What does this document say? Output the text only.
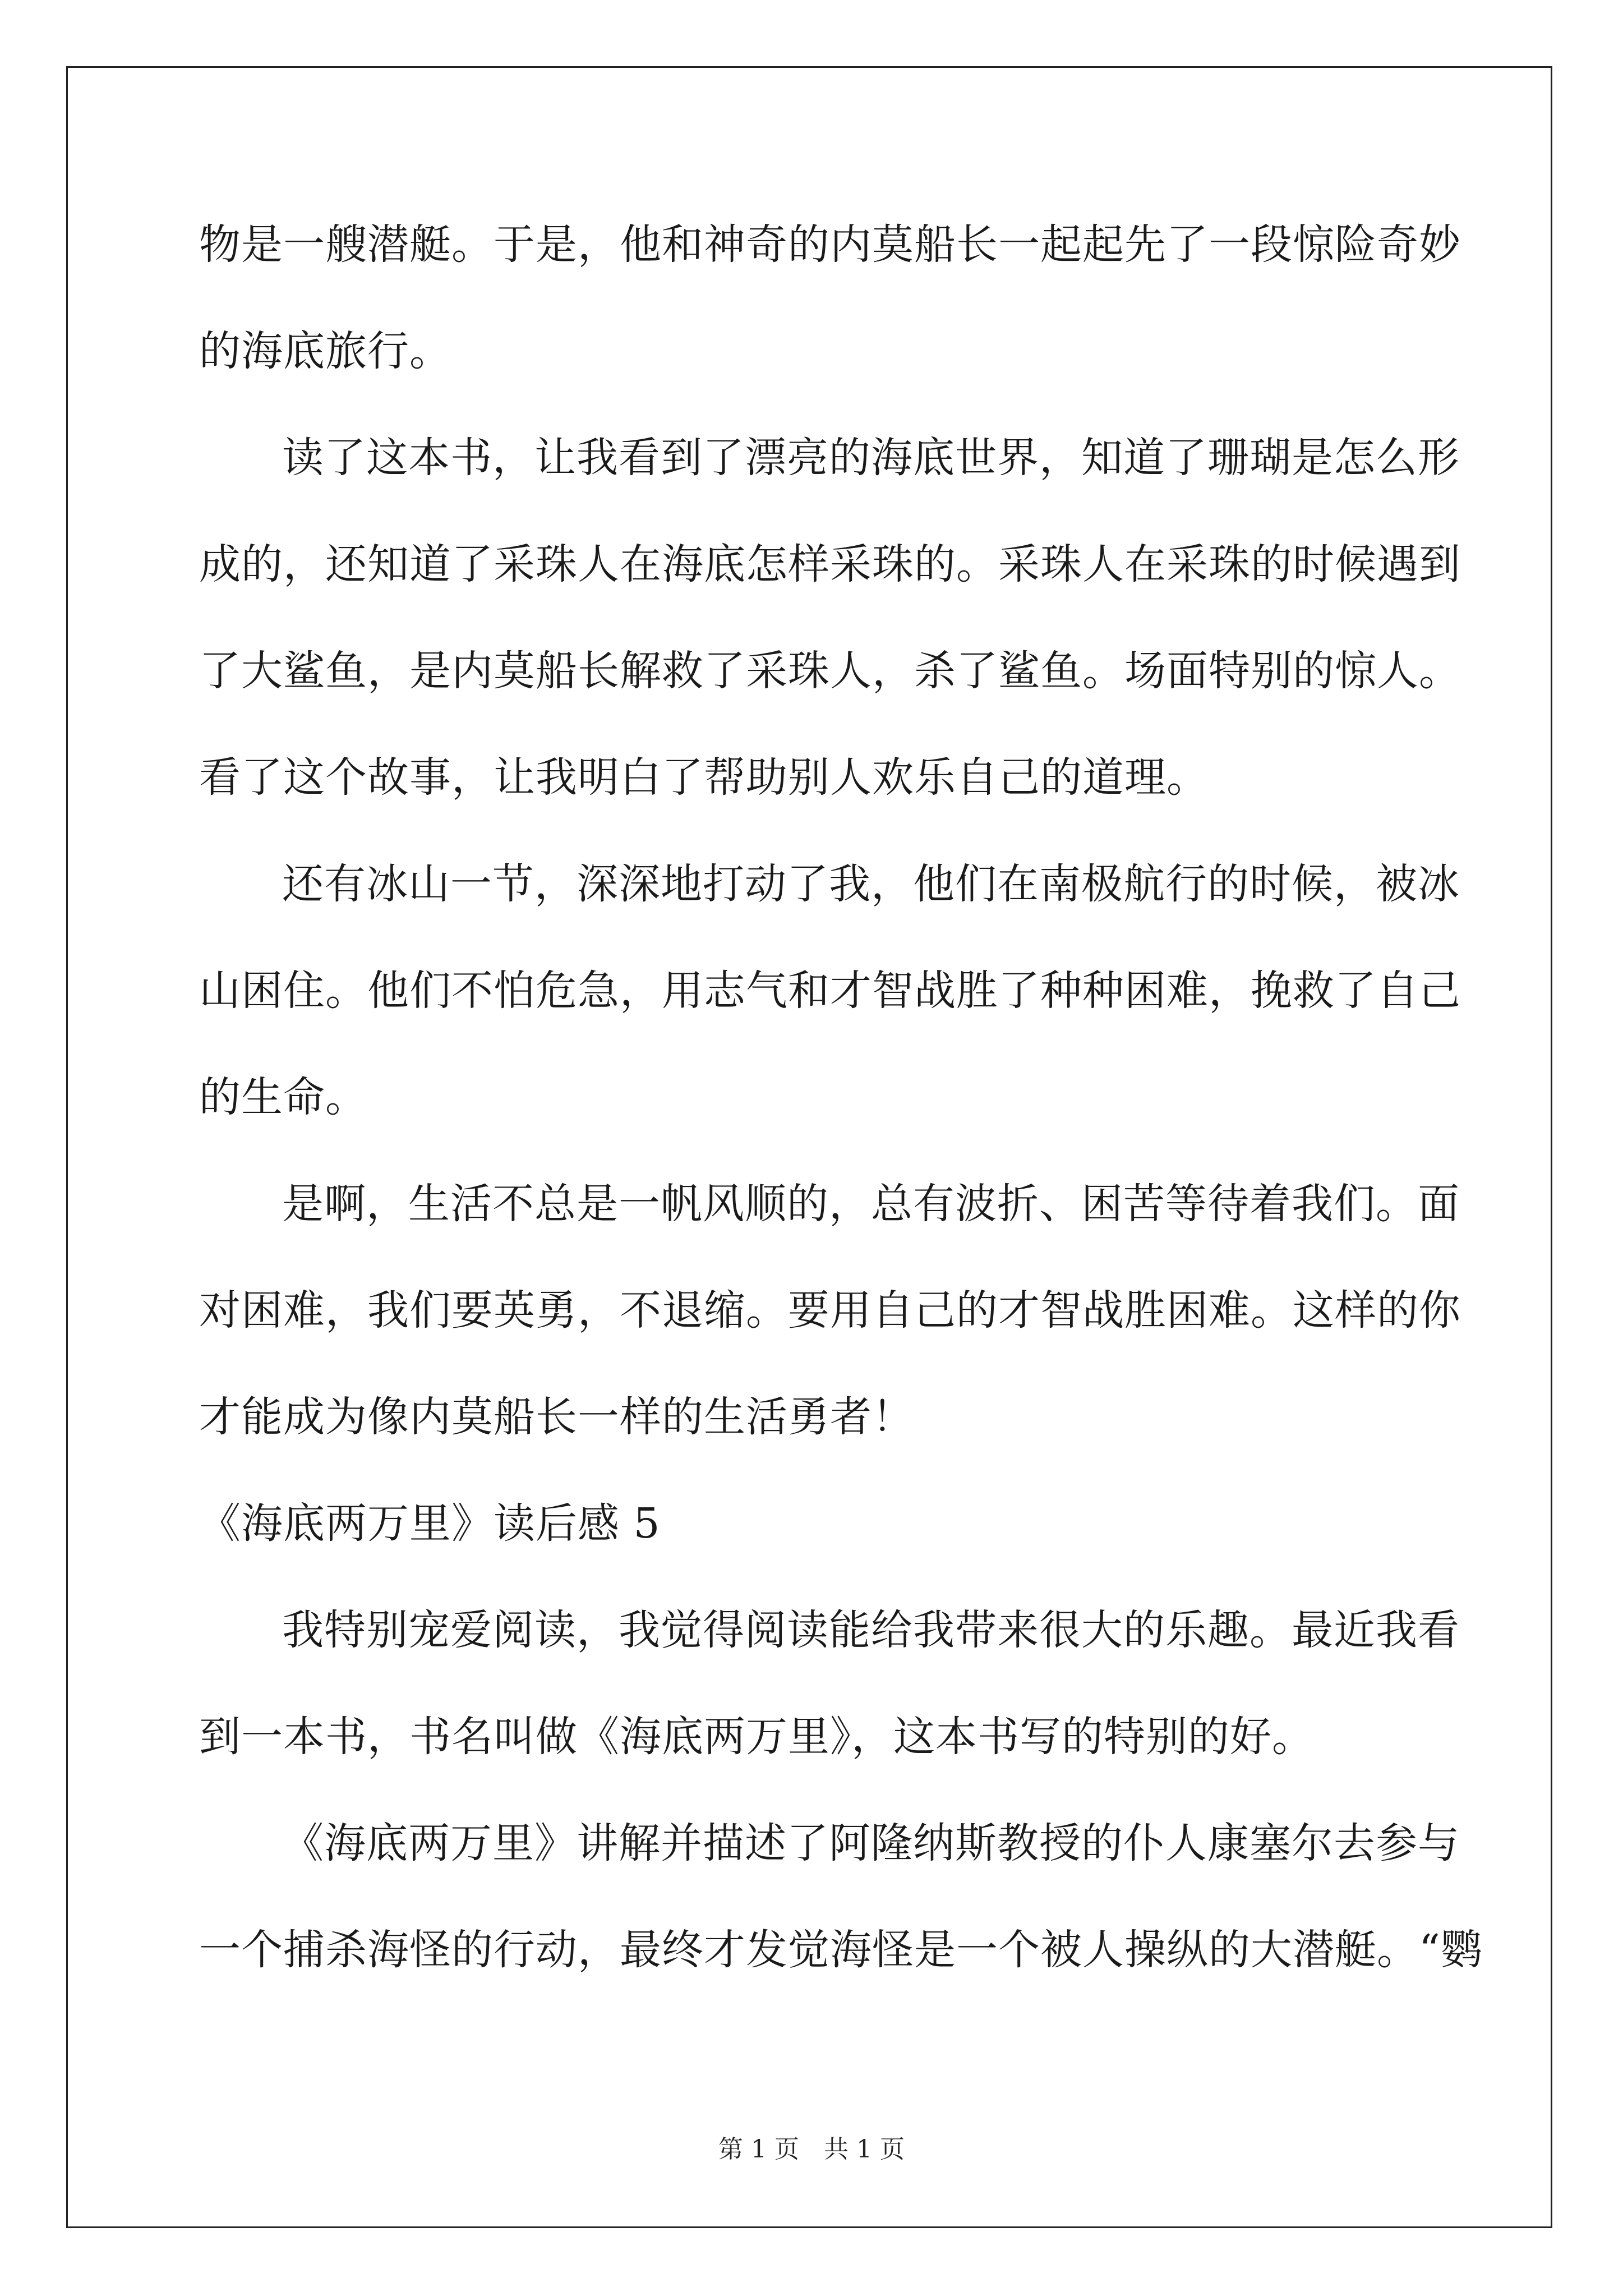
物是一艘潜艇。于是，他和神奇的内莫船长一起起先了一段惊险奇妙
的海底旅行。
读了这本书，让我看到了漂亮的海底世界，知道了珊瑚是怎么形
成的，还知道了采珠人在海底怎样采珠的。采珠人在采珠的时候遇到
了大鲨鱼，是内莫船长解救了采珠人，杀了鲨鱼。场面特别的惊人。
看了这个故事，让我明白了帮助别人欢乐自己的道理。
还有冰山一节，深深地打动了我，他们在南极航行的时候，被冰
山困住。他们不怕危急，用志气和才智战胜了种种困难，挽救了自己
的生命。
是啊，生活不总是一帆风顺的，总有波折、困苦等待着我们。面
对困难，我们要英勇，不退缩。要用自己的才智战胜困难。这样的你
才能成为像内莫船长一样的生活勇者！
《海底两万里》读后感 5
我特别宠爱阅读，我觉得阅读能给我带来很大的乐趣。最近我看
到一本书，书名叫做《海底两万里》，这本书写的特别的好。
《海底两万里》讲解并描述了阿隆纳斯教授的仆人康塞尔去参与
一个捕杀海怪的行动，最终才发觉海怪是一个被人操纵的大潜艇。“鹦
第 1 页 共 1 页
